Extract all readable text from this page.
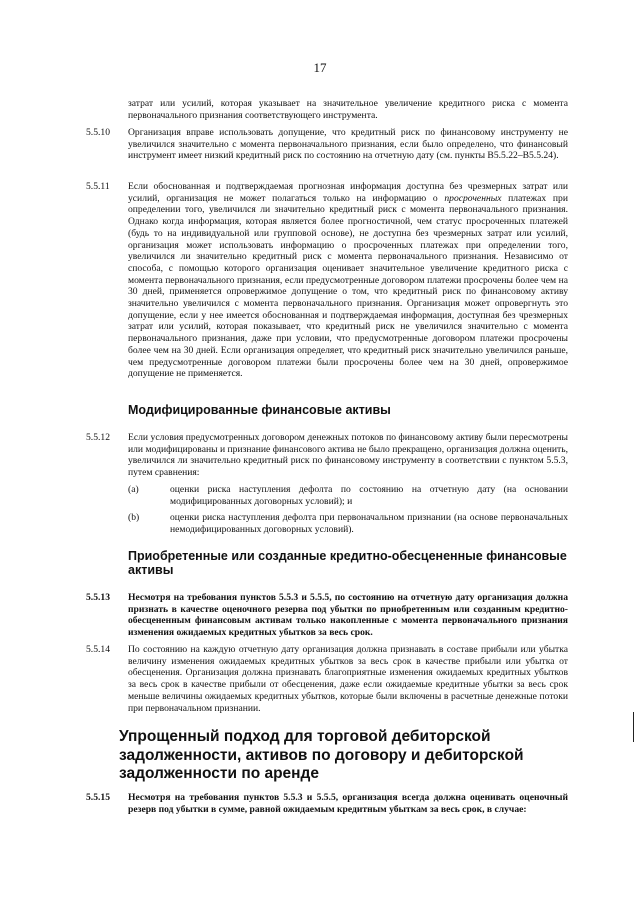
17

затрат или усилий, которая указывает на значительное увеличение кредитного риска с момента первоначального признания соответствующего инструмента.

5.5.10 Организация вправе использовать допущение, что кредитный риск по финансовому инструменту не увеличился значительно с момента первоначального признания, если было определено, что финансовый инструмент имеет низкий кредитный риск по состоянию на отчетную дату (см. пункты B5.5.22–B5.5.24).

5.5.11 Если обоснованная и подтверждаемая прогнозная информация доступна без чрезмерных затрат или усилий, организация не может полагаться только на информацию о просроченных платежах при определении того, увеличился ли значительно кредитный риск с момента первоначального признания. Однако когда информация, которая является более прогностичной, чем статус просроченных платежей (будь то на индивидуальной или групповой основе), не доступна без чрезмерных затрат или усилий, организация может использовать информацию о просроченных платежах при определении того, увеличился ли значительно кредитный риск с момента первоначального признания. Независимо от способа, с помощью которого организация оценивает значительное увеличение кредитного риска с момента первоначального признания, если предусмотренные договором платежи просрочены более чем на 30 дней, применяется опровержимое допущение о том, что кредитный риск по финансовому активу значительно увеличился с момента первоначального признания. Организация может опровергнуть это допущение, если у нее имеется обоснованная и подтверждаемая информация, доступная без чрезмерных затрат или усилий, которая показывает, что кредитный риск не увеличился значительно с момента первоначального признания, даже при условии, что предусмотренные договором платежи просрочены более чем на 30 дней. Если организация определяет, что кредитный риск значительно увеличился раньше, чем предусмотренные договором платежи были просрочены более чем на 30 дней, опровержимое допущение не применяется.

Модифицированные финансовые активы
5.5.12 Если условия предусмотренных договором денежных потоков по финансовому активу были пересмотрены или модифицированы и признание финансового актива не было прекращено, организация должна оценить, увеличился ли значительно кредитный риск по финансовому инструменту в соответствии с пунктом 5.5.3, путем сравнения:

(a)	оценки риска наступления дефолта по состоянию на отчетную дату (на основании модифицированных договорных условий); и
(b)	оценки риска наступления дефолта при первоначальном признании (на основе первоначальных немодифицированных договорных условий).
Приобретенные или созданные кредитно-обесцененные финансовые активы
5.5.13 Несмотря на требования пунктов 5.5.3 и 5.5.5, по состоянию на отчетную дату организация должна признать в качестве оценочного резерва под убытки по приобретенным или созданным кредитно-обесцененным финансовым активам только накопленные с момента первоначального признания изменения ожидаемых кредитных убытков за весь срок.

5.5.14 По состоянию на каждую отчетную дату организация должна признавать в составе прибыли или убытка величину изменения ожидаемых кредитных убытков за весь срок в качестве прибыли или убытка от обесценения. Организация должна признавать благоприятные изменения ожидаемых кредитных убытков за весь срок в качестве прибыли от обесценения, даже если ожидаемые кредитные убытки за весь срок меньше величины ожидаемых кредитных убытков, которые были включены в расчетные денежные потоки при первоначальном признании.

Упрощенный подход для торговой дебиторской задолженности, активов по договору и дебиторской задолженности по аренде
5.5.15 Несмотря на требования пунктов 5.5.3 и 5.5.5, организация всегда должна оценивать оценочный резерв под убытки в сумме, равной ожидаемым кредитным убыткам за весь срок, в случае:
